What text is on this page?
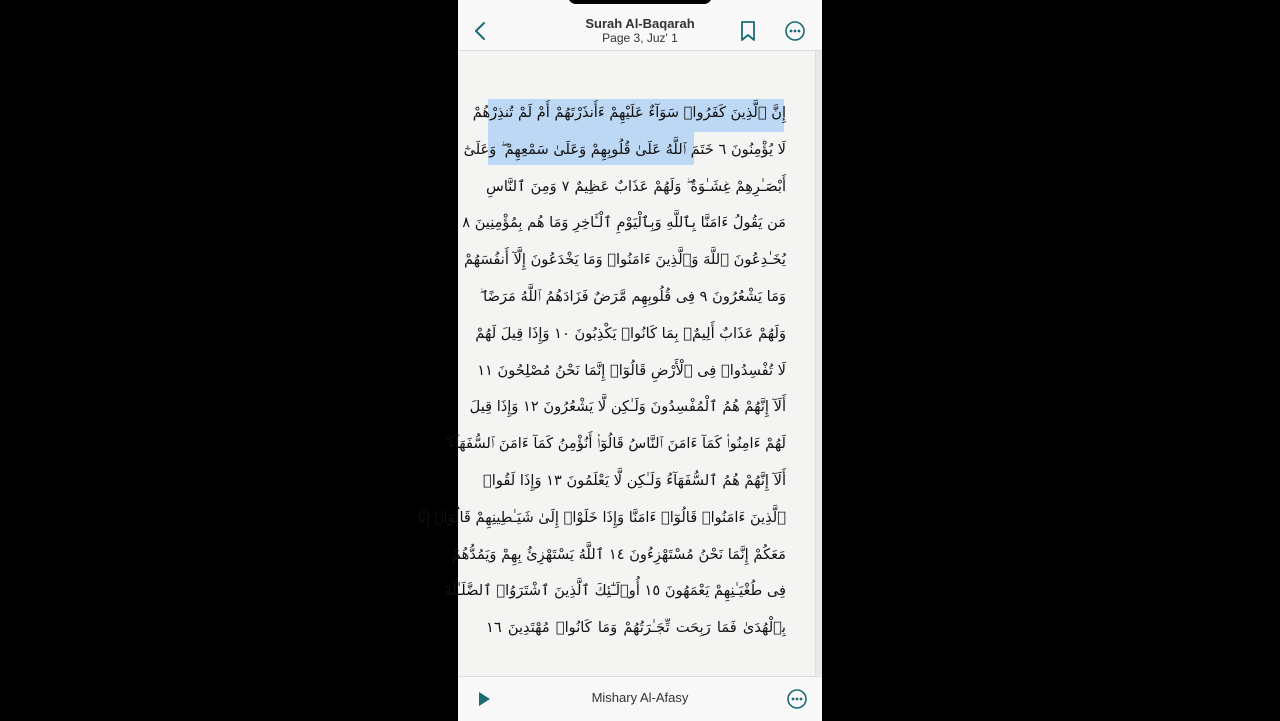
Surah Al-Baqarah
Page 3, Juz' 1
إِنَّ ٱلَّذِينَ كَفَرُوا۟ سَوَآءٌ عَلَيْهِمْ ءَأَنذَرْتَهُمْ أَمْ لَمْ تُنذِرْهُمْ
لَا يُؤْمِنُونَ ٦ خَتَمَ ٱللَّهُ عَلَىٰ قُلُوبِهِمْ وَعَلَىٰ سَمْعِهِمْ ۖ وَعَلَىٰٓ
أَبْصَـٰرِهِمْ غِشَـٰوَةٌ ۖ وَلَهُمْ عَذَابٌ عَظِيمٌ ٧ وَمِنَ ٱلنَّاسِ
مَن يَقُولُ ءَامَنَّا بِٱللَّهِ وَبِٱلْيَوْمِ ٱلْـَٔاخِرِ وَمَا هُم بِمُؤْمِنِينَ ٨
يُخَـٰدِعُونَ ٱللَّهَ وَٱلَّذِينَ ءَامَنُوا۟ وَمَا يَخْدَعُونَ إِلَّآ أَنفُسَهُمْ
وَمَا يَشْعُرُونَ ٩ فِى قُلُوبِهِم مَّرَضٌ فَزَادَهُمُ ٱللَّهُ مَرَضًا ۖ
وَلَهُمْ عَذَابٌ أَلِيمٌۢ بِمَا كَانُوا۟ يَكْذِبُونَ ١٠ وَإِذَا قِيلَ لَهُمْ
لَا تُفْسِدُوا۟ فِى ٱلْأَرْضِ قَالُوٓا۟ إِنَّمَا نَحْنُ مُصْلِحُونَ ١١
أَلَآ إِنَّهُمْ هُمُ ٱلْمُفْسِدُونَ وَلَـٰكِن لَّا يَشْعُرُونَ ١٢ وَإِذَا قِيلَ
لَهُمْ ءَامِنُوا۟ كَمَآ ءَامَنَ ٱلنَّاسُ قَالُوٓا۟ أَنُؤْمِنُ كَمَآ ءَامَنَ ٱلسُّفَهَآءُ ۗ
أَلَآ إِنَّهُمْ هُمُ ٱلسُّفَهَآءُ وَلَـٰكِن لَّا يَعْلَمُونَ ١٣ وَإِذَا لَقُوا۟
ٱلَّذِينَ ءَامَنُوا۟ قَالُوٓا۟ ءَامَنَّا وَإِذَا خَلَوْا۟ إِلَىٰ شَيَـٰطِينِهِمْ قَالُوٓا۟ إِنَّا
مَعَكُمْ إِنَّمَا نَحْنُ مُسْتَهْزِءُونَ ١٤ ٱللَّهُ يَسْتَهْزِئُ بِهِمْ وَيَمُدُّهُمْ
فِى طُغْيَـٰنِهِمْ يَعْمَهُونَ ١٥ أُو۟لَـٰٓئِكَ ٱلَّذِينَ ٱشْتَرَوُا۟ ٱلضَّلَـٰلَةَ
بِٱلْهُدَىٰ فَمَا رَبِحَت تِّجَـٰرَتُهُمْ وَمَا كَانُوا۟ مُهْتَدِينَ ١٦
Mishary Al-Afasy
